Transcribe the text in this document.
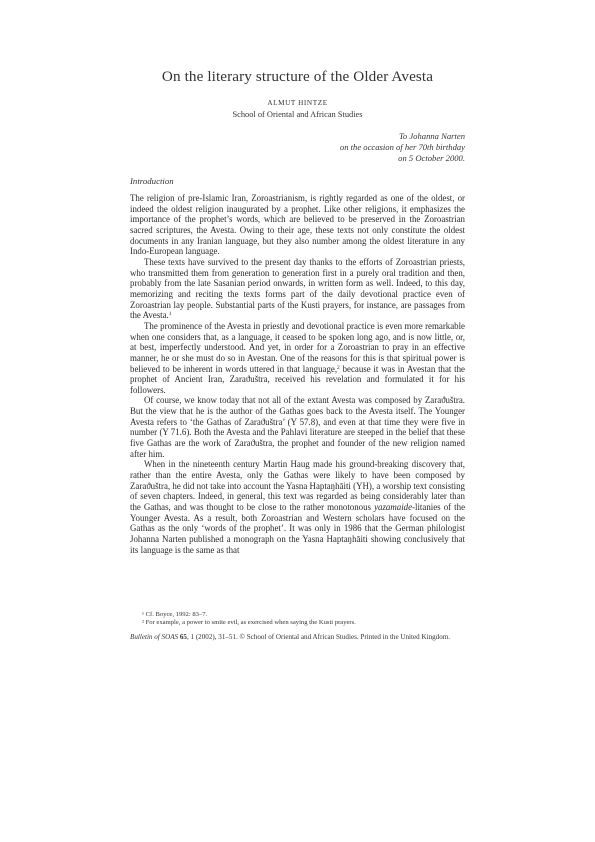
On the literary structure of the Older Avesta
ALMUT HINTZE
School of Oriental and African Studies
To Johanna Narten
on the occasion of her 70th birthday
on 5 October 2000.
Introduction

The religion of pre-Islamic Iran, Zoroastrianism, is rightly regarded as one of the oldest, or indeed the oldest religion inaugurated by a prophet. Like other religions, it emphasizes the importance of the prophet’s words, which are believed to be preserved in the Zoroastrian sacred scriptures, the Avesta. Owing to their age, these texts not only constitute the oldest documents in any Iranian language, but they also number among the oldest literature in any Indo-European language.

These texts have survived to the present day thanks to the efforts of Zoroastrian priests, who transmitted them from generation to generation first in a purely oral tradition and then, probably from the late Sasanian period onwards, in written form as well. Indeed, to this day, memorizing and reciting the texts forms part of the daily devotional practice even of Zoroastrian lay people. Substantial parts of the Kusti prayers, for instance, are passages from the Avesta.$^1$

The prominence of the Avesta in priestly and devotional practice is even more remarkable when one considers that, as a language, it ceased to be spoken long ago, and is now little, or, at best, imperfectly understood. And yet, in order for a Zoroastrian to pray in an effective manner, he or she must do so in Avestan. One of the reasons for this is that spiritual power is believed to be inherent in words uttered in that language,$^2$ because it was in Avestan that the prophet of Ancient Iran, Zaraϑuštra, received his revelation and formulated it for his followers.

Of course, we know today that not all of the extant Avesta was composed by Zaraϑuštra. But the view that he is the author of the Gathas goes back to the Avesta itself. The Younger Avesta refers to ‘the Gathas of Zaraϑuštra’ (Y 57.8), and even at that time they were five in number (Y 71.6). Both the Avesta and the Pahlavi literature are steeped in the belief that these five Gathas are the work of Zaraϑuštra, the prophet and founder of the new religion named after him.

When in the nineteenth century Martin Haug made his ground-breaking discovery that, rather than the entire Avesta, only the Gathas were likely to have been composed by Zaraϑuštra, he did not take into account the Yasna Haptaŋhāiti (YH), a worship text consisting of seven chapters. Indeed, in general, this text was regarded as being considerably later than the Gathas, and was thought to be close to the rather monotonous yazamaide-litanies of the Younger Avesta. As a result, both Zoroastrian and Western scholars have focused on the Gathas as the only ‘words of the prophet’. It was only in 1986 that the German philologist Johanna Narten published a monograph on the Yasna Haptaŋhāiti showing conclusively that its language is the same as that

¹ Cf. Boyce, 1992: 83–7.
² For example, a power to smite evil, as exercised when saying the Kusti prayers.
Bulletin of SOAS 65, 1 (2002), 31–51. © School of Oriental and African Studies. Printed in the United Kingdom.
